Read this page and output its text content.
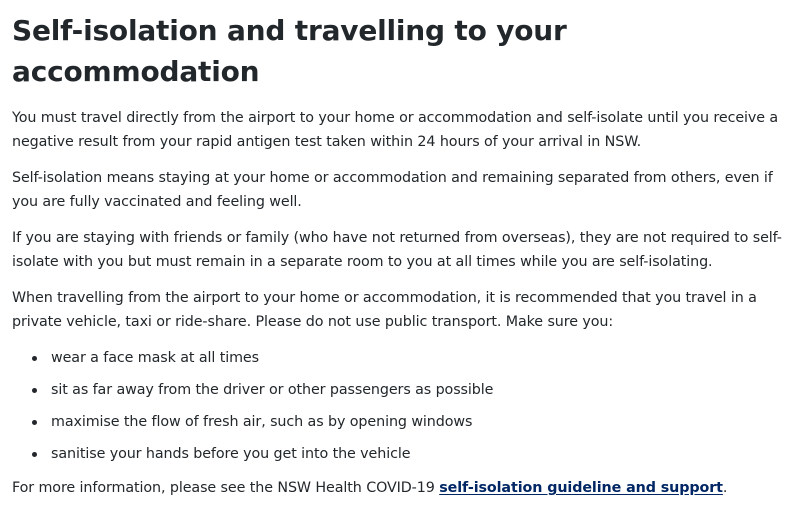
Self-isolation and travelling to your accommodation

You must travel directly from the airport to your home or accommodation and self-isolate until you receive a negative result from your rapid antigen test taken within 24 hours of your arrival in NSW.

Self-isolation means staying at your home or accommodation and remaining separated from others, even if you are fully vaccinated and feeling well.

If you are staying with friends or family (who have not returned from overseas), they are not required to self-isolate with you but must remain in a separate room to you at all times while you are self-isolating.

When travelling from the airport to your home or accommodation, it is recommended that you travel in a private vehicle, taxi or ride-share. Please do not use public transport. Make sure you:

wear a face mask at all times
sit as far away from the driver or other passengers as possible
maximise the flow of fresh air, such as by opening windows
sanitise your hands before you get into the vehicle

For more information, please see the NSW Health COVID-19 self-isolation guideline and support.
